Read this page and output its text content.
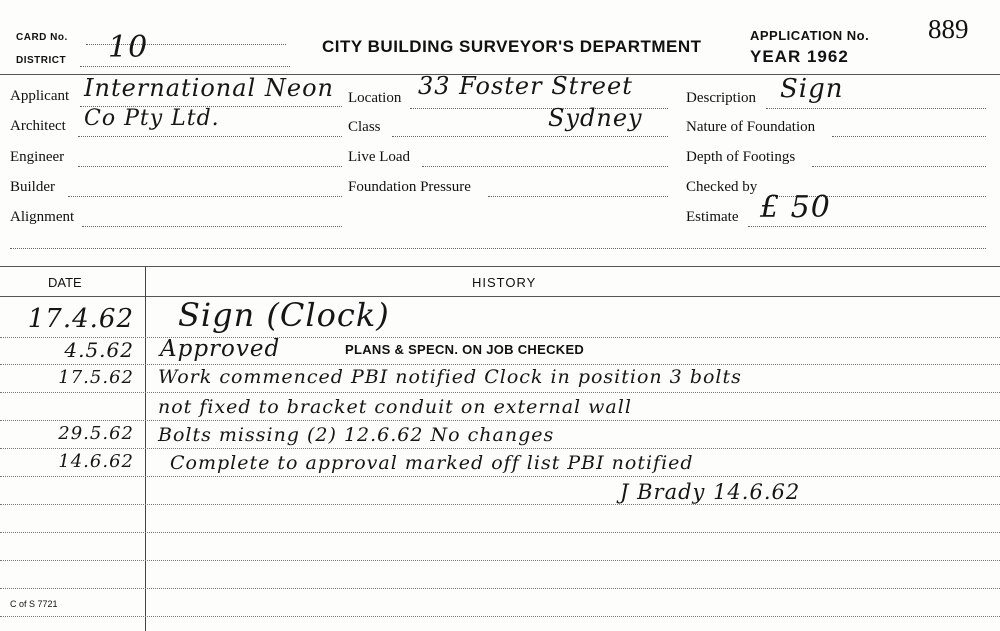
CARD No.
DISTRICT 10	CITY BUILDING SURVEYOR'S DEPARTMENT
APPLICATION No. 889
YEAR 1962
Applicant International Neon
Architect Co Pty Ltd.
Engineer
Builder
Alignment
Location 33 Foster Street
Class	Sydney
Live Load
Foundation Pressure
Description Sign
Nature of Foundation
Depth of Footings
Checked by
Estimate £ 50
DATE	HISTORY
17.4.62 Sign (Clock)
4.5.62 Approved	PLANS & SPECN. ON JOB CHECKED
17.5.62 Work commenced PBI notified Clock in position 3 bolts
not fixed to bracket conduit on external wall
29.5.62 Bolts missing (2) 12.6.62 No changes
14.6.62 Complete to approval marked off list PBI notified
J Brady 14.6.62
C of S 7721
